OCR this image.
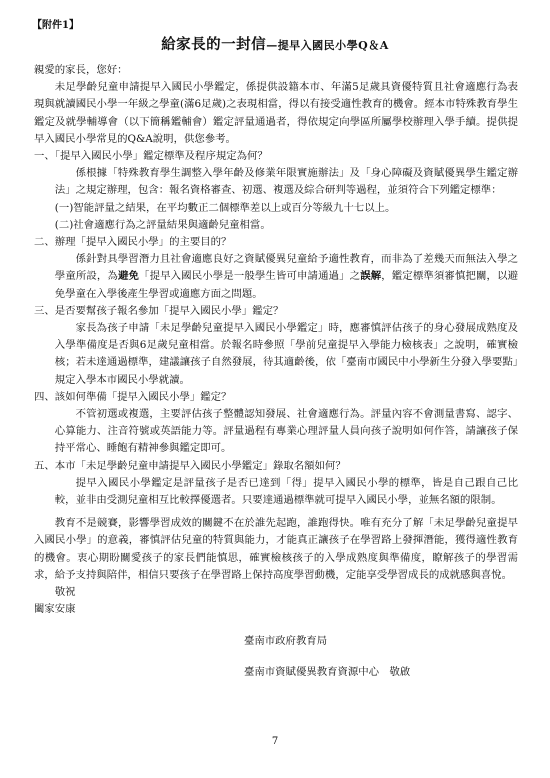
【附件1】
給家長的一封信—提早入國民小學Q＆A

親愛的家長，您好：

未足學齡兒童申請提早入國民小學鑑定，係提供設籍本市、年滿5足歲具資優特質且社會適應行為表現與就讀國民小學一年級之學童(滿6足歲)之表現相當，得以有接受適性教育的機會。經本市特殊教育學生鑑定及就學輔導會（以下簡稱鑑輔會）鑑定評量通過者，得依規定向學區所屬學校辦理入學手續。提供提早入國民小學常見的Q&A說明，供您參考。

一、「提早入國民小學」鑑定標準及程序規定為何？

係根據「特殊教育學生調整入學年齡及修業年限實施辦法」及「身心障礙及資賦優異學生鑑定辦法」之規定辦理，包含：報名資格審查、初選、複選及綜合研判等過程，並須符合下列鑑定標準：

(一)智能評量之結果，在平均數正二個標準差以上或百分等級九十七以上。

(二)社會適應行為之評量結果與適齡兒童相當。

二、辦理「提早入國民小學」的主要目的？

係針對具學習潛力且社會適應良好之資賦優異兒童給予適性教育，而非為了差幾天而無法入學之學童所設，為避免「提早入國民小學是一般學生皆可申請通過」之誤解，鑑定標準須審慎把關，以避免學童在入學後產生學習或適應方面之問題。

三、是否要幫孩子報名參加「提早入國民小學」鑑定？

家長為孩子申請「未足學齡兒童提早入國民小學鑑定」時，應審慎評估孩子的身心發展成熟度及入學準備度是否與6足歲兒童相當。於報名時參照「學前兒童提早入學能力檢核表」之說明，確實檢核；若未達通過標準，建議讓孩子自然發展，待其適齡後，依「臺南市國民中小學新生分發入學要點」規定入學本市國民小學就讀。

四、該如何準備「提早入國民小學」鑑定？

不管初選或複選，主要評估孩子整體認知發展、社會適應行為。評量內容不會測量書寫、認字、心算能力、注音符號或英語能力等。評量過程有專業心理評量人員向孩子說明如何作答，請讓孩子保持平常心、睡飽有精神參與鑑定即可。

五、本市「未足學齡兒童申請提早入國民小學鑑定」錄取名額如何？

提早入國民小學鑑定是評量孩子是否已達到「得」提早入國民小學的標準，皆是自己跟自己比較，並非由受測兒童相互比較擇優選者。只要達通過標準就可提早入國民小學，並無名額的限制。

教育不是競賽，影響學習成效的關鍵不在於誰先起跑，誰跑得快。唯有充分了解「未足學齡兒童提早入國民小學」的意義，審慎評估兒童的特質與能力，才能真正讓孩子在學習路上發揮潛能，獲得適性教育的機會。衷心期盼關愛孩子的家長們能慎思，確實檢核孩子的入學成熟度與準備度，瞭解孩子的學習需求，給予支持與陪伴，相信只要孩子在學習路上保持高度學習動機，定能享受學習成長的成就感與喜悅。

敬祝

闔家安康

臺南市政府教育局

臺南市資賦優異教育資源中心　敬啟

7
